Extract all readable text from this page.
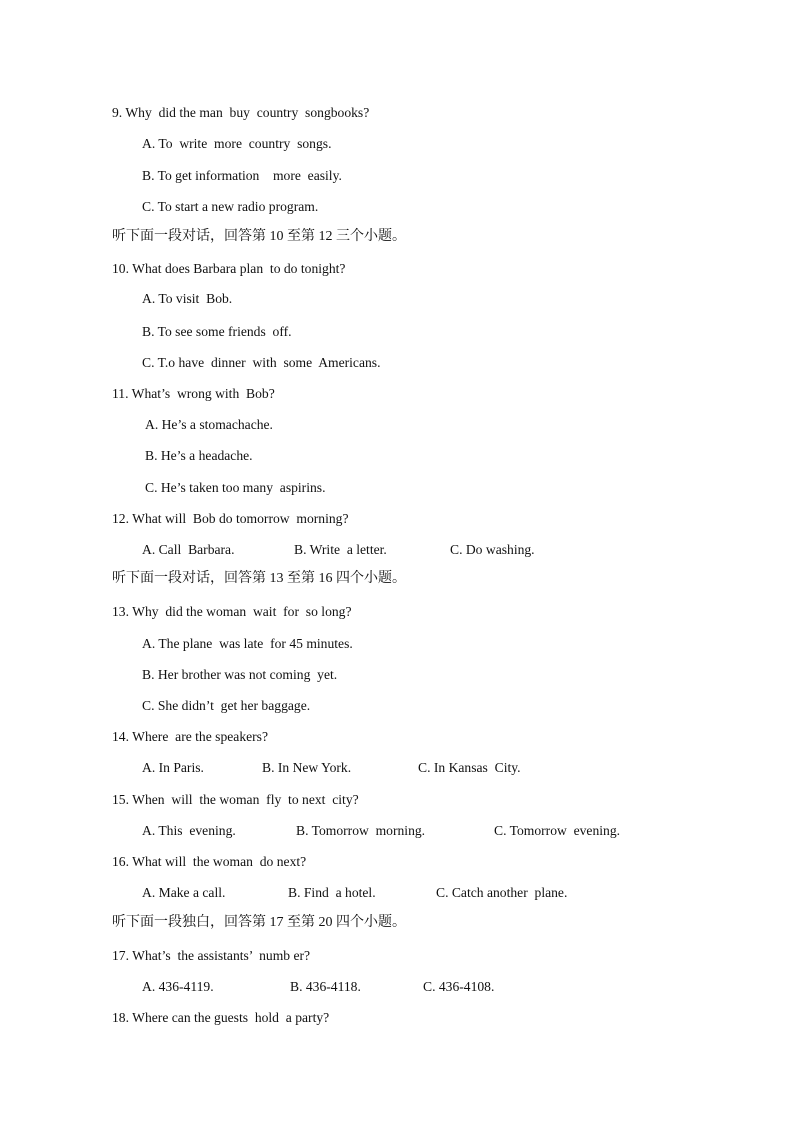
9. Why  did the man  buy  country  songbooks?
A. To  write  more  country  songs.
B. To get information    more  easily.
C. To start a new radio program.
听下面一段对话，回答第 10 至第 12 三个小题。
10. What does Barbara plan  to do tonight?
A. To visit  Bob.
B. To see some friends  off.
C. T.o have  dinner  with  some  Americans.
11. What’s  wrong with  Bob?
A. He’s a stomachache.
B. He’s a headache.
C. He’s taken too many  aspirins.
12. What will  Bob do tomorrow  morning?
A. Call  Barbara.	B. Write  a letter.	C. Do washing.
听下面一段对话，回答第 13 至第 16 四个小题。
13. Why  did the woman  wait  for  so long?
A. The plane  was late  for 45 minutes.
B. Her brother was not coming  yet.
C. She didn’t  get her baggage.
14. Where  are the speakers?
A. In Paris.	B. In New York.	C. In Kansas  City.
15. When  will  the woman  fly  to next  city?
A. This  evening.	B. Tomorrow  morning.	C. Tomorrow  evening.
16. What will  the woman  do next?
A. Make a call.	B. Find  a hotel.	C. Catch another  plane.
听下面一段独白，回答第 17 至第 20 四个小题。
17. What’s  the assistants’  numb er?
A. 436-4119.	B. 436-4118.	C. 436-4108.
18. Where can the guests  hold  a party?
